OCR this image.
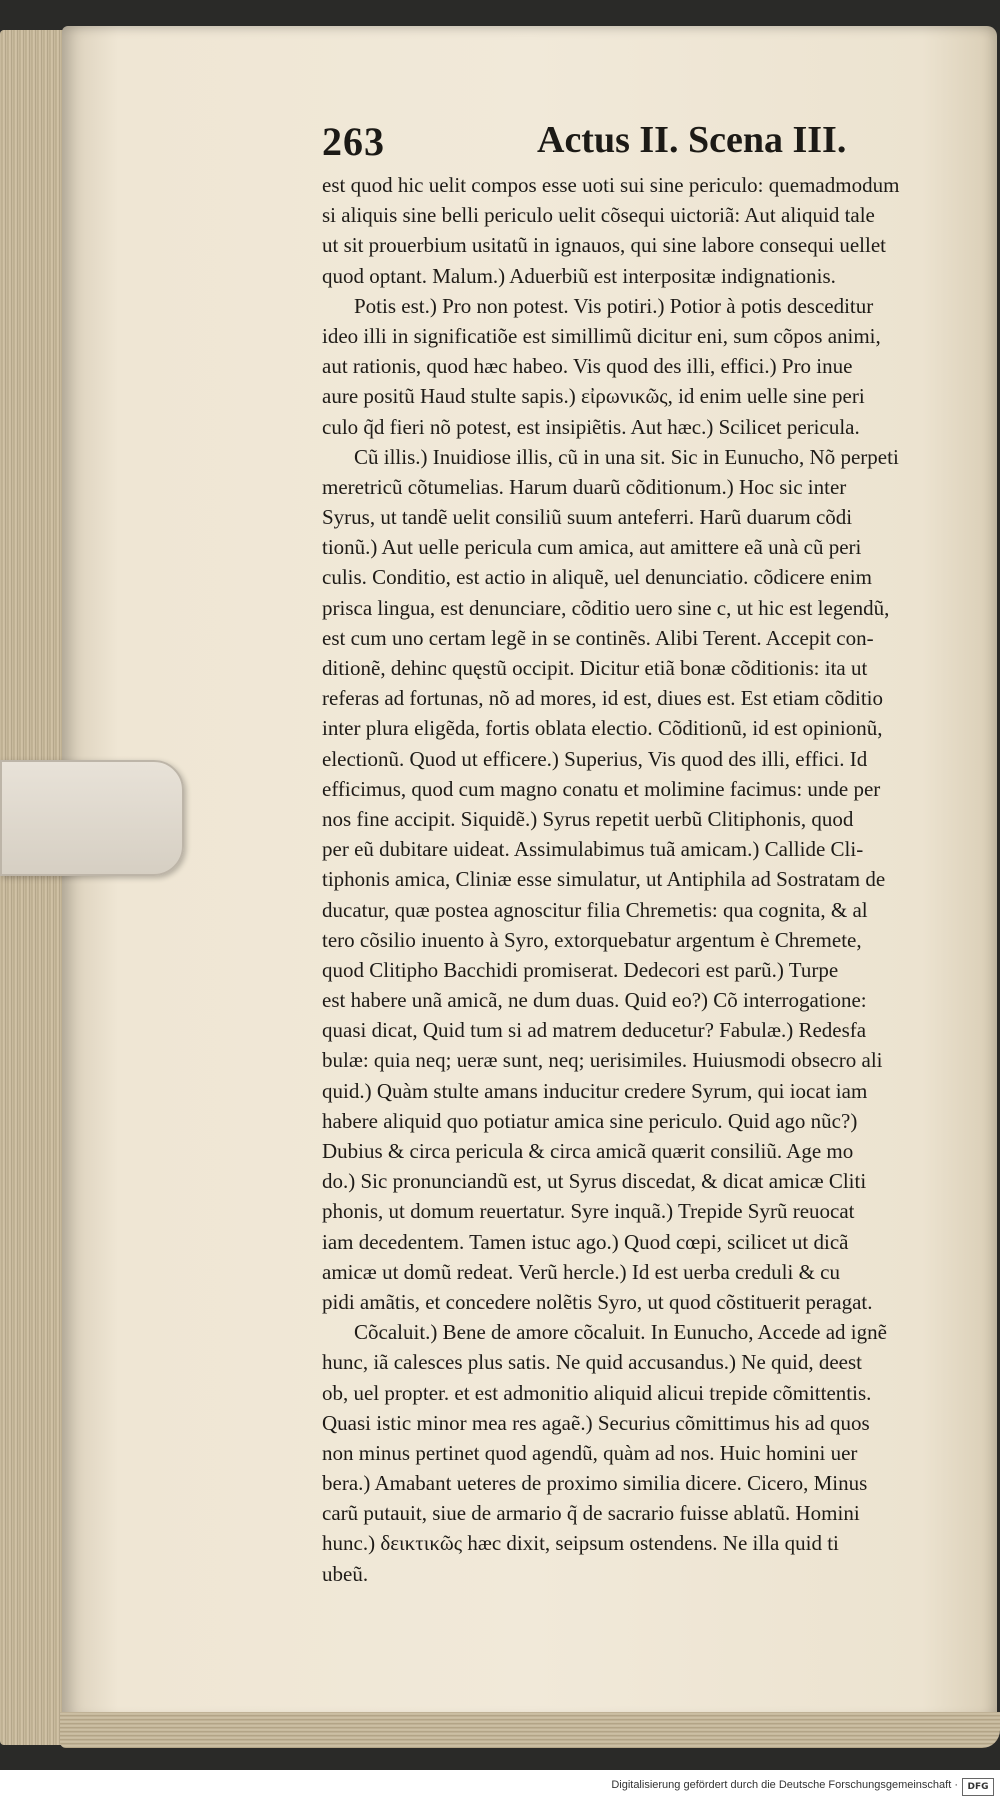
263	Actus II. Scena III.
est quod hic uelit compos esse uoti sui sine periculo: quemadmodum
si aliquis sine belli periculo uelit cõsequi uictoriã: Aut aliquid tale
ut sit prouerbium usitatũ in ignauos, qui sine labore consequi uellet
quod optant. Malum.) Aduerbiũ est interpositæ indignationis.
Potis est.) Pro non potest. Vis potiri.) Potior à potis desceditur
ideo illi in significatiõe est simillimũ dicitur eni, sum cõpos animi,
aut rationis, quod hæc habeo. Vis quod des illi, effici.) Pro inue
aure positũ Haud stulte sapis.) εἰρωνικῶς, id enim uelle sine peri
culo q̃d fieri nõ potest, est insipiẽtis. Aut hæc.) Scilicet pericula.
Cũ illis.) Inuidiose illis, cũ in una sit. Sic in Eunucho, Nõ perpeti
meretricũ cõtumelias. Harum duarũ cõditionum.) Hoc sic inter
Syrus, ut tandẽ uelit consiliũ suum anteferri. Harũ duarum cõdi
tionũ.) Aut uelle pericula cum amica, aut amittere eã unà cũ peri
culis. Conditio, est actio in aliquẽ, uel denunciatio. cõdicere enim
prisca lingua, est denunciare, cõditio uero sine c, ut hic est legendũ,
est cum uno certam legẽ in se continẽs. Alibi Terent. Accepit con-
ditionẽ, dehinc quęstũ occipit. Dicitur etiã bonæ cõditionis: ita ut
referas ad fortunas, nõ ad mores, id est, diues est. Est etiam cõditio
inter plura eligẽda, fortis oblata electio. Cõditionũ, id est opinionũ,
electionũ. Quod ut efficere.) Superius, Vis quod des illi, effici. Id
efficimus, quod cum magno conatu et molimine facimus: unde per
nos fine accipit. Siquidẽ.) Syrus repetit uerbũ Clitiphonis, quod
per eũ dubitare uideat. Assimulabimus tuã amicam.) Callide Cli-
tiphonis amica, Cliniæ esse simulatur, ut Antiphila ad Sostratam de
ducatur, quæ postea agnoscitur filia Chremetis: qua cognita, & al
tero cõsilio inuento à Syro, extorquebatur argentum è Chremete,
quod Clitipho Bacchidi promiserat. Dedecori est parũ.) Turpe
est habere unã amicã, ne dum duas. Quid eo?) Cõ interrogatione:
quasi dicat, Quid tum si ad matrem deducetur? Fabulæ.) Redesfa
bulæ: quia neq; ueræ sunt, neq; uerisimiles. Huiusmodi obsecro ali
quid.) Quàm stulte amans inducitur credere Syrum, qui iocat iam
habere aliquid quo potiatur amica sine periculo. Quid ago nũc?)
Dubius & circa pericula & circa amicã quærit consiliũ. Age mo
do.) Sic pronunciandũ est, ut Syrus discedat, & dicat amicæ Cliti
phonis, ut domum reuertatur. Syre inquã.) Trepide Syrũ reuocat
iam decedentem. Tamen istuc ago.) Quod cœpi, scilicet ut dicã
amicæ ut domũ redeat. Verũ hercle.) Id est uerba creduli & cu
pidi amãtis, et concedere nolẽtis Syro, ut quod cõstituerit peragat.
Cõcaluit.) Bene de amore cõcaluit. In Eunucho, Accede ad ignẽ
hunc, iã calesces plus satis. Ne quid accusandus.) Ne quid, deest
ob, uel propter. et est admonitio aliquid alicui trepide cõmittentis.
Quasi istic minor mea res agaẽ.) Securius cõmittimus his ad quos
non minus pertinet quod agendũ, quàm ad nos. Huic homini uer
bera.) Amabant ueteres de proximo similia dicere. Cicero, Minus
carũ putauit, siue de armario q̃ de sacrario fuisse ablatũ. Homini
hunc.) δεικτικῶς hæc dixit, seipsum ostendens. Ne illa quid ti
ubeũ.
Digitalisierung gefördert durch die Deutsche Forschungsgemeinschaft ·	DFG
